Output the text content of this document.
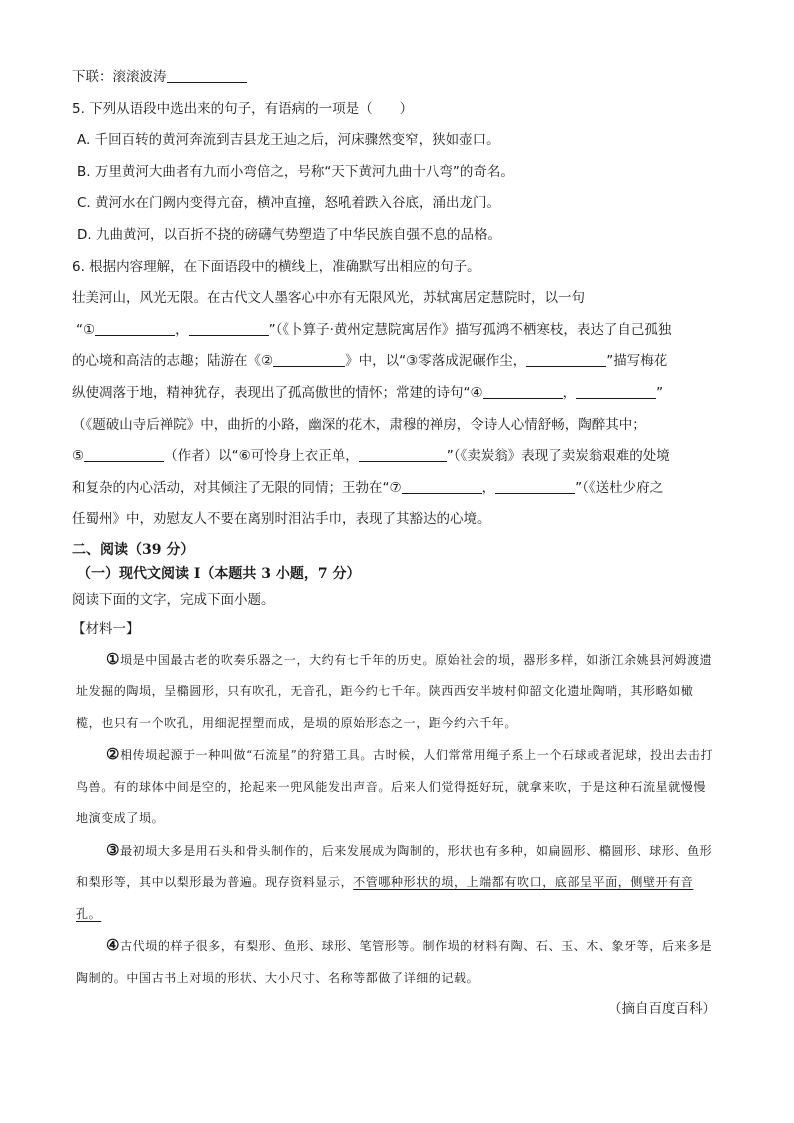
下联：滚滚波涛
5. 下列从语段中选出来的句子，有语病的一项是（　　）
A. 千回百转的黄河奔流到吉县龙王辿之后，河床骤然变窄，狭如壶口。
B. 万里黄河大曲者有九而小弯倍之，号称“天下黄河九曲十八弯”的奇名。
C. 黄河水在门阙内变得亢奋，横冲直撞，怒吼着跌入谷底，涌出龙门。
D. 九曲黄河，以百折不挠的磅礴气势塑造了中华民族自强不息的品格。
6. 根据内容理解，在下面语段中的横线上，准确默写出相应的句子。
壮美河山，风光无限。在古代文人墨客心中亦有无限风光，苏轼寓居定慧院时，以一句
“①	，	”（《卜算子·黄州定慧院寓居作》描写孤鸿不栖寒枝，表达了自己孤独
的心境和高洁的志趣；陆游在《②	》中，以“③零落成泥碾作尘，	”描写梅花
纵使凋落于地，精神犹存，表现出了孤高傲世的情怀；常建的诗句“④	，	”
（《题破山寺后禅院》中，曲折的小路，幽深的花木，肃穆的禅房，令诗人心情舒畅，陶醉其中；
⑤	（作者）以“⑥可怜身上衣正单，	”（《卖炭翁》表现了卖炭翁艰难的处境
和复杂的内心活动，对其倾注了无限的同情；王勃在“⑦	，	”（《送杜少府之
任蜀州》中，劝慰友人不要在离别时泪沾手巾，表现了其豁达的心境。
二、阅读（39 分）
（一）现代文阅读 I（本题共 3 小题，7 分）
阅读下面的文字，完成下面小题。
【材料一】

①埙是中国最古老的吹奏乐器之一，大约有七千年的历史。原始社会的埙，器形多样，如浙江余姚县河姆渡遗址发掘的陶埙，呈橢圆形，只有吹孔，无音孔，距今约七千年。陕西西安半坡村仰韶文化遗址陶哨，其形略如橄榄，也只有一个吹孔，用细泥捏塑而成，是埙的原始形态之一，距今约六千年。

②相传埙起源于一种叫做“石流星”的狩猎工具。古时候，人们常常用绳子系上一个石球或者泥球，投出去击打鸟兽。有的球体中间是空的，抡起来一兜风能发出声音。后来人们觉得挺好玩，就拿来吹，于是这种石流星就慢慢地演变成了埙。

③最初埙大多是用石头和骨头制作的，后来发展成为陶制的，形状也有多种，如扁圆形、橢圆形、球形、鱼形和梨形等，其中以梨形最为普遍。现存资料显示，不管哪种形状的埙，上端都有吹口，底部呈平面，侧壁开有音孔。

④古代埙的样子很多，有梨形、鱼形、球形、笔管形等。制作埙的材料有陶、石、玉、木、象牙等，后来多是陶制的。中国古书上对埙的形状、大小尺寸、名称等都做了详细的记载。

（摘自百度百科）
